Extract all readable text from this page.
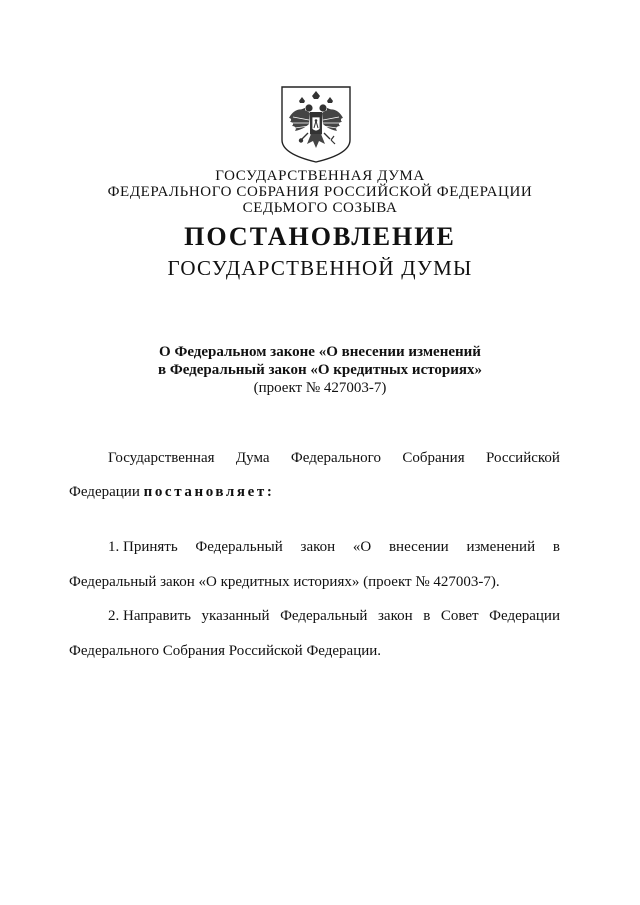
ГОСУДАРСТВЕННАЯ ДУМА
ФЕДЕРАЛЬНОГО СОБРАНИЯ РОССИЙСКОЙ ФЕДЕРАЦИИ
СЕДЬМОГО СОЗЫВА
ПОСТАНОВЛЕНИЕ
ГОСУДАРСТВЕННОЙ ДУМЫ
О Федеральном законе «О внесении изменений
в Федеральный закон «О кредитных историях»
(проект № 427003-7)
Государственная Дума Федерального Собрания Российской
Федерации постановляет:
1. Принять Федеральный закон «О внесении изменений в
Федеральный закон «О кредитных историях» (проект № 427003-7).
2. Направить указанный Федеральный закон в Совет Федерации
Федерального Собрания Российской Федерации.
